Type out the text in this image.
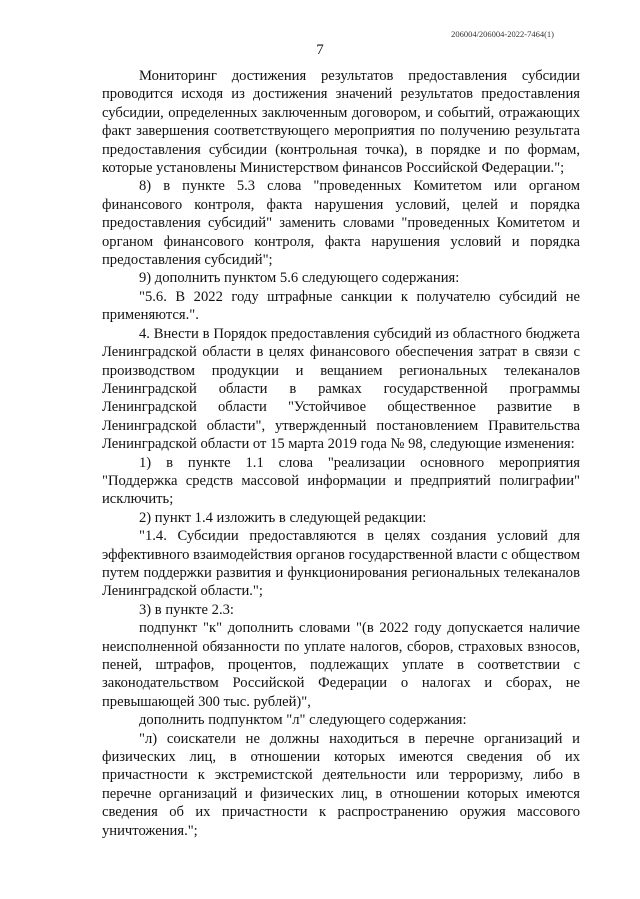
206004/206004-2022-7464(1)
7

Мониторинг достижения результатов предоставления субсидии проводится исходя из достижения значений результатов предоставления субсидии, определенных заключенным договором, и событий, отражающих факт завершения соответствующего мероприятия по получению результата предоставления субсидии (контрольная точка), в порядке и по формам, которые установлены Министерством финансов Российской Федерации.";

8) в пункте 5.3 слова "проведенных Комитетом или органом финансового контроля, факта нарушения условий, целей и порядка предоставления субсидий" заменить словами "проведенных Комитетом и органом финансового контроля, факта нарушения условий и порядка предоставления субсидий";

9) дополнить пунктом 5.6 следующего содержания:

"5.6. В 2022 году штрафные санкции к получателю субсидий не применяются.".

4. Внести в Порядок предоставления субсидий из областного бюджета Ленинградской области в целях финансового обеспечения затрат в связи с производством продукции и вещанием региональных телеканалов Ленинградской области в рамках государственной программы Ленинградской области "Устойчивое общественное развитие в Ленинградской области", утвержденный постановлением Правительства Ленинградской области от 15 марта 2019 года № 98, следующие изменения:

1) в пункте 1.1 слова "реализации основного мероприятия "Поддержка средств массовой информации и предприятий полиграфии" исключить;

2) пункт 1.4 изложить в следующей редакции:

"1.4. Субсидии предоставляются в целях создания условий для эффективного взаимодействия органов государственной власти с обществом путем поддержки развития и функционирования региональных телеканалов Ленинградской области.";

3) в пункте 2.3:

подпункт "к" дополнить словами "(в 2022 году допускается наличие неисполненной обязанности по уплате налогов, сборов, страховых взносов, пеней, штрафов, процентов, подлежащих уплате в соответствии с законодательством Российской Федерации о налогах и сборах, не превышающей 300 тыс. рублей)",

дополнить подпунктом "л" следующего содержания:

"л) соискатели не должны находиться в перечне организаций и физических лиц, в отношении которых имеются сведения об их причастности к экстремистской деятельности или терроризму, либо в перечне организаций и физических лиц, в отношении которых имеются сведения об их причастности к распространению оружия массового уничтожения.";
